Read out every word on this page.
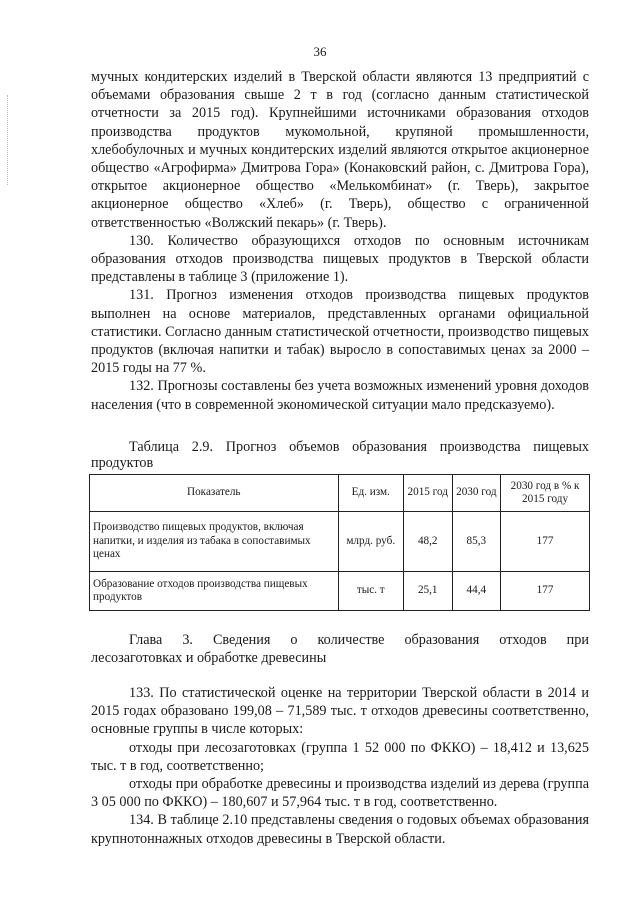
36

мучных кондитерских изделий в Тверской области являются 13 предприятий с объемами образования свыше 2 т в год (согласно данным статистической отчетности за 2015 год). Крупнейшими источниками образования отходов производства продуктов мукомольной, крупяной промышленности, хлебобулочных и мучных кондитерских изделий являются открытое акционерное общество «Агрофирма» Дмитрова Гора» (Конаковский район, с. Дмитрова Гора), открытое акционерное общество «Мелькомбинат» (г. Тверь), закрытое акционерное общество «Хлеб» (г. Тверь), общество с ограниченной ответственностью «Волжский пекарь» (г. Тверь).

130. Количество образующихся отходов по основным источникам образования отходов производства пищевых продуктов в Тверской области представлены в таблице 3 (приложение 1).

131. Прогноз изменения отходов производства пищевых продуктов выполнен на основе материалов, представленных органами официальной статистики. Согласно данным статистической отчетности, производство пищевых продуктов (включая напитки и табак) выросло в сопоставимых ценах за 2000 – 2015 годы на 77 %.

132. Прогнозы составлены без учета возможных изменений уровня доходов населения (что в современной экономической ситуации мало предсказуемо).

Таблица 2.9. Прогноз объемов образования производства пищевых продуктов

Показатель	Ед. изм.	2015 год	2030 год	2030 год в % к 2015 году
Производство пищевых продуктов, включая напитки, и изделия из табака в сопоставимых ценах	млрд. руб.	48,2	85,3	177
Образование отходов производства пищевых продуктов	тыс. т	25,1	44,4	177
Глава 3. Сведения о количестве образования отходов при
лесозаготовках и обработке древесины

133. По статистической оценке на территории Тверской области в 2014 и 2015 годах образовано 199,08 – 71,589 тыс. т отходов древесины соответственно, основные группы в числе которых:

отходы при лесозаготовках (группа 1 52 000 по ФККО) – 18,412 и 13,625 тыс. т в год, соответственно;

отходы при обработке древесины и производства изделий из дерева (группа 3 05 000 по ФККО) – 180,607 и 57,964 тыс. т в год, соответственно.

134. В таблице 2.10 представлены сведения о годовых объемах образования крупнотоннажных отходов древесины в Тверской области.
